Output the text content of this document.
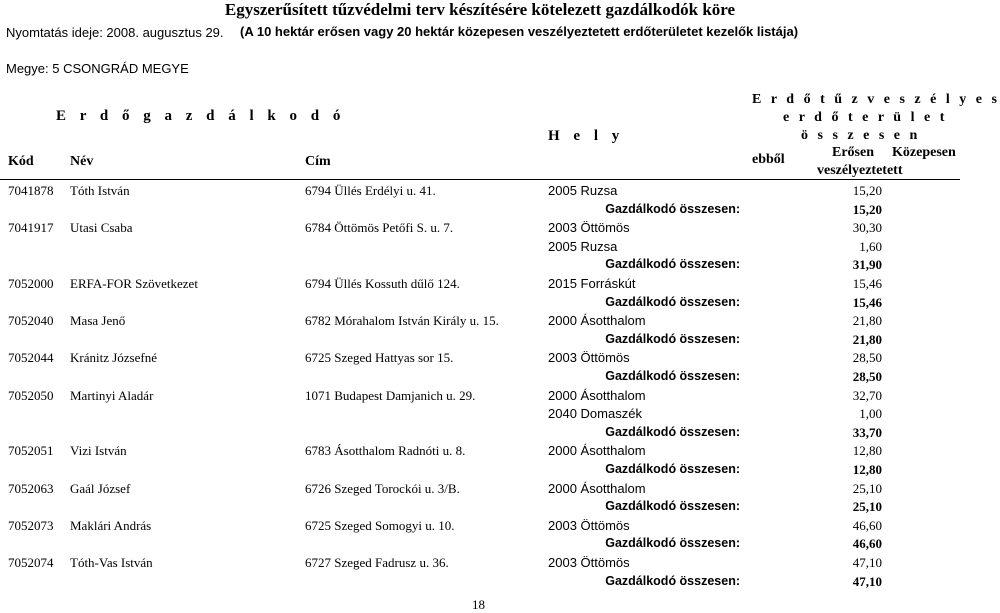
Egyszerűsített tűzvédelmi terv készítésére kötelezett gazdálkodók köre
Nyomtatás ideje: 2008. augusztus 29. (A 10 hektár erősen vagy 20 hektár közepesen veszélyeztetett erdőterületet kezelők listája)
Megye: 5 CSONGRÁD MEGYE
E r d ő g a z d á l k o d ó
H e l y
E r d ő t ű z v e s z é l y e s
e r d ő t e r ü l e t
ö s s z e s e n
Kód	Név	Cím	ebből	Erősen Közepesen
veszélyeztetett
7041878 Tóth István	6794 Üllés Erdélyi u. 41.	2005 Ruzsa	15,20
Gazdálkodó összesen:	15,20
7041917 Utasi Csaba	6784 Öttömös Petőfi S. u. 7.	2003 Öttömös	30,30
2005 Ruzsa	1,60
Gazdálkodó összesen:	31,90
7052000 ERFA-FOR Szövetkezet	6794 Üllés Kossuth dűlő 124.	2015 Forráskút	15,46
Gazdálkodó összesen:	15,46
7052040 Masa Jenő	6782 Mórahalom István Király u. 15.	2000 Ásotthalom	21,80
Gazdálkodó összesen:	21,80
7052044 Kránitz Józsefné	6725 Szeged Hattyas sor 15.	2003 Öttömös	28,50
Gazdálkodó összesen:	28,50
7052050 Martinyi Aladár	1071 Budapest Damjanich u. 29.	2000 Ásotthalom	32,70
2040 Domaszék	1,00
Gazdálkodó összesen:	33,70
7052051 Vizi István	6783 Ásotthalom Radnóti u. 8.	2000 Ásotthalom	12,80
Gazdálkodó összesen:	12,80
7052063 Gaál József	6726 Szeged Torockói u. 3/B.	2000 Ásotthalom	25,10
Gazdálkodó összesen:	25,10
7052073 Maklári András	6725 Szeged Somogyi u. 10.	2003 Öttömös	46,60
Gazdálkodó összesen:	46,60
7052074 Tóth-Vas István	6727 Szeged Fadrusz u. 36.	2003 Öttömös	47,10
Gazdálkodó összesen:	47,10
18
